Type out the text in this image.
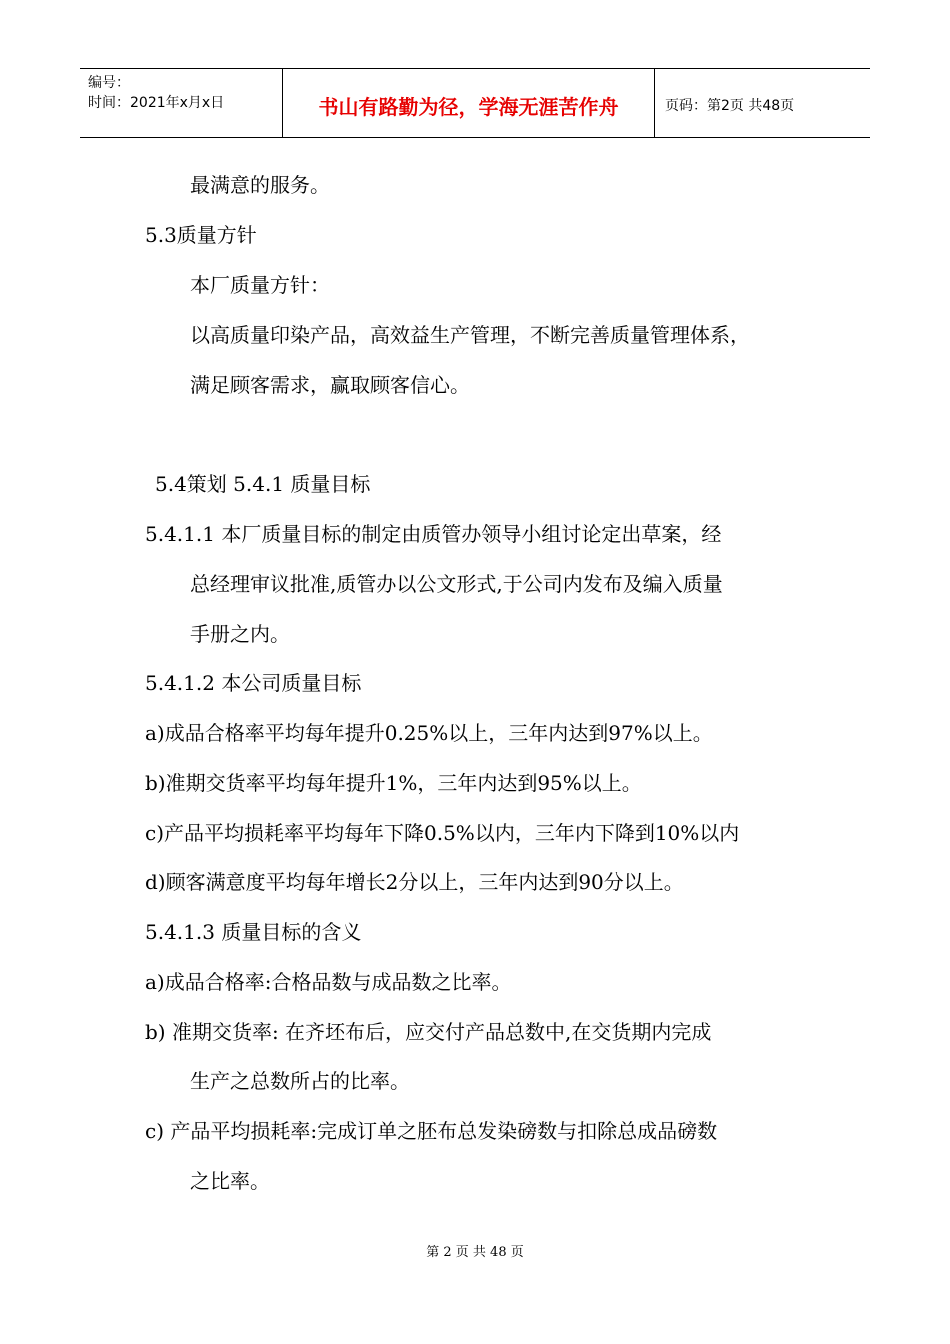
编号：
时间：2021年x月x日	书山有路勤为径，学海无涯苦作舟	页码：第2页 共48页
最满意的服务。
5.3质量方针
本厂质量方针：
以高质量印染产品，高效益生产管理，不断完善质量管理体系，
满足顾客需求，赢取顾客信心。
5.4策划 5.4.1 质量目标
5.4.1.1 本厂质量目标的制定由质管办领导小组讨论定出草案，经
总经理审议批准,质管办以公文形式,于公司内发布及编入质量
手册之内。
5.4.1.2 本公司质量目标
a)成品合格率平均每年提升0.25%以上，三年内达到97%以上。
b)准期交货率平均每年提升1%，三年内达到95%以上。
c)产品平均损耗率平均每年下降0.5%以内，三年内下降到10%以内
d)顾客满意度平均每年增长2分以上，三年内达到90分以上。
5.4.1.3 质量目标的含义
a)成品合格率:合格品数与成品数之比率。
b) 准期交货率: 在齐坯布后，应交付产品总数中,在交货期内完成
生产之总数所占的比率。
c) 产品平均损耗率:完成订单之胚布总发染磅数与扣除总成品磅数
之比率。
第 2 页 共 48 页
